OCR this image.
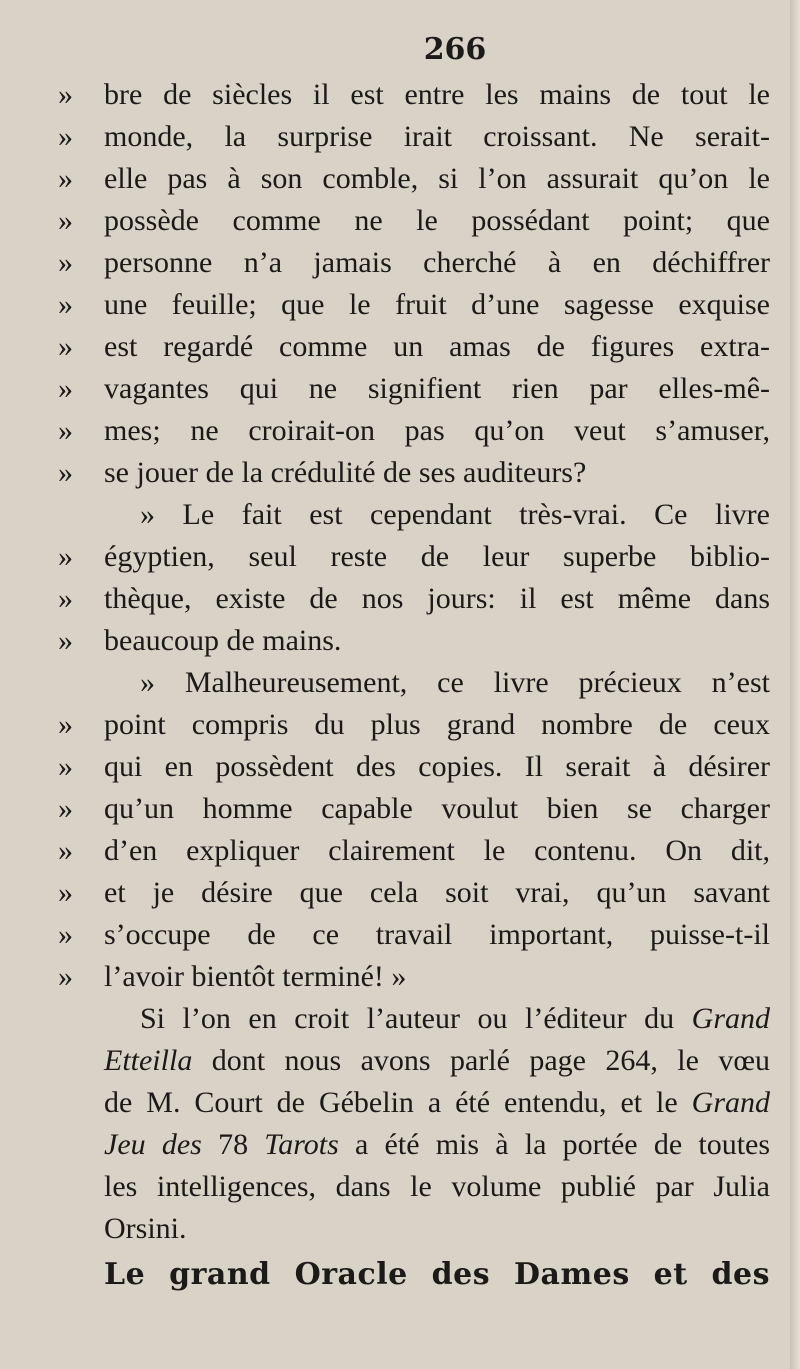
266
» bre de siècles il est entre les mains de tout le
» monde, la surprise irait croissant. Ne serait-
» elle pas à son comble, si l’on assurait qu’on le
» possède comme ne le possédant point; que
» personne n’a jamais cherché à en déchiffrer
» une feuille; que le fruit d’une sagesse exquise
» est regardé comme un amas de figures extra-
» vagantes qui ne signifient rien par elles-mê-
» mes; ne croirait-on pas qu’on veut s’amuser,
» se jouer de la crédulité de ses auditeurs?
» Le fait est cependant très-vrai. Ce livre
» égyptien, seul reste de leur superbe biblio-
» thèque, existe de nos jours: il est même dans
» beaucoup de mains.
» Malheureusement, ce livre précieux n’est
» point compris du plus grand nombre de ceux
» qui en possèdent des copies. Il serait à désirer
» qu’un homme capable voulut bien se charger
» d’en expliquer clairement le contenu. On dit,
» et je désire que cela soit vrai, qu’un savant
» s’occupe de ce travail important, puisse-t-il
» l’avoir bientôt terminé! »
Si l’on en croit l’auteur ou l’éditeur du Grand
Etteilla dont nous avons parlé page 264, le vœu
de M. Court de Gébelin a été entendu, et le Grand
Jeu des 78 Tarots a été mis à la portée de toutes
les intelligences, dans le volume publié par Julia
Orsini.
Le grand Oracle des Dames et des
